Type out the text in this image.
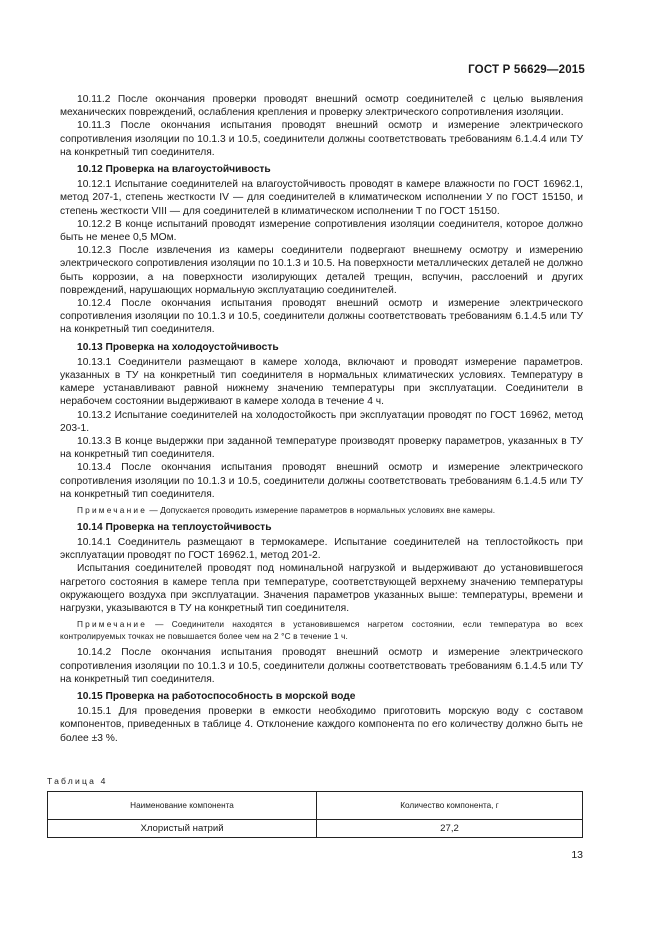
ГОСТ Р 56629—2015

10.11.2 После окончания проверки проводят внешний осмотр соединителей с целью выявления механических повреждений, ослабления крепления и проверку электрического сопротивления изоляции.

10.11.3 После окончания испытания проводят внешний осмотр и измерение электрического сопротивления изоляции по 10.1.3 и 10.5, соединители должны соответствовать требованиям 6.1.4.4 или ТУ на конкретный тип соединителя.

10.12 Проверка на влагоустойчивость

10.12.1 Испытание соединителей на влагоустойчивость проводят в камере влажности по ГОСТ 16962.1, метод 207-1, степень жесткости IV — для соединителей в климатическом исполнении У по ГОСТ 15150, и степень жесткости VIII — для соединителей в климатическом исполнении Т по ГОСТ 15150.

10.12.2 В конце испытаний проводят измерение сопротивления изоляции соединителя, которое должно быть не менее 0,5 МОм.

10.12.3 После извлечения из камеры соединители подвергают внешнему осмотру и измерению электрического сопротивления изоляции по 10.1.3 и 10.5. На поверхности металлических деталей не должно быть коррозии, а на поверхности изолирующих деталей трещин, вспучин, расслоений и других повреждений, нарушающих нормальную эксплуатацию соединителей.

10.12.4 После окончания испытания проводят внешний осмотр и измерение электрического сопротивления изоляции по 10.1.3 и 10.5, соединители должны соответствовать требованиям 6.1.4.5 или ТУ на конкретный тип соединителя.

10.13 Проверка на холодоустойчивость

10.13.1 Соединители размещают в камере холода, включают и проводят измерение параметров. указанных в ТУ на конкретный тип соединителя в нормальных климатических условиях. Температуру в камере устанавливают равной нижнему значению температуры при эксплуатации. Соединители в нерабочем состоянии выдерживают в камере холода в течение 4 ч.

10.13.2 Испытание соединителей на холодостойкость при эксплуатации проводят по ГОСТ 16962, метод 203-1.

10.13.3 В конце выдержки при заданной температуре производят проверку параметров, указанных в ТУ на конкретный тип соединителя.

10.13.4 После окончания испытания проводят внешний осмотр и измерение электрического сопротивления изоляции по 10.1.3 и 10.5, соединители должны соответствовать требованиям 6.1.4.5 или ТУ на конкретный тип соединителя.

Примечание — Допускается проводить измерение параметров в нормальных условиях вне камеры.

10.14 Проверка на теплоустойчивость

10.14.1 Соединитель размещают в термокамере. Испытание соединителей на теплостойкость при эксплуатации проводят по ГОСТ 16962.1, метод 201-2.

Испытания соединителей проводят под номинальной нагрузкой и выдерживают до установившегося нагретого состояния в камере тепла при температуре, соответствующей верхнему значению температуры окружающего воздуха при эксплуатации. Значения параметров указанных выше: температуры, времени и нагрузки, указываются в ТУ на конкретный тип соединителя.

Примечание — Соединители находятся в установившемся нагретом состоянии, если температура во всех контролируемых точках не повышается более чем на 2 °С в течение 1 ч.

10.14.2 После окончания испытания проводят внешний осмотр и измерение электрического сопротивления изоляции по 10.1.3 и 10.5, соединители должны соответствовать требованиям 6.1.4.5 или ТУ на конкретный тип соединителя.

10.15 Проверка на работоспособность в морской воде

10.15.1 Для проведения проверки в емкости необходимо приготовить морскую воду с составом компонентов, приведенных в таблице 4. Отклонение каждого компонента по его количеству должно быть не более ±3 %.

Таблица 4
Наименование компонента	Количество компонента, г
Хлористый натрий	27,2
13
